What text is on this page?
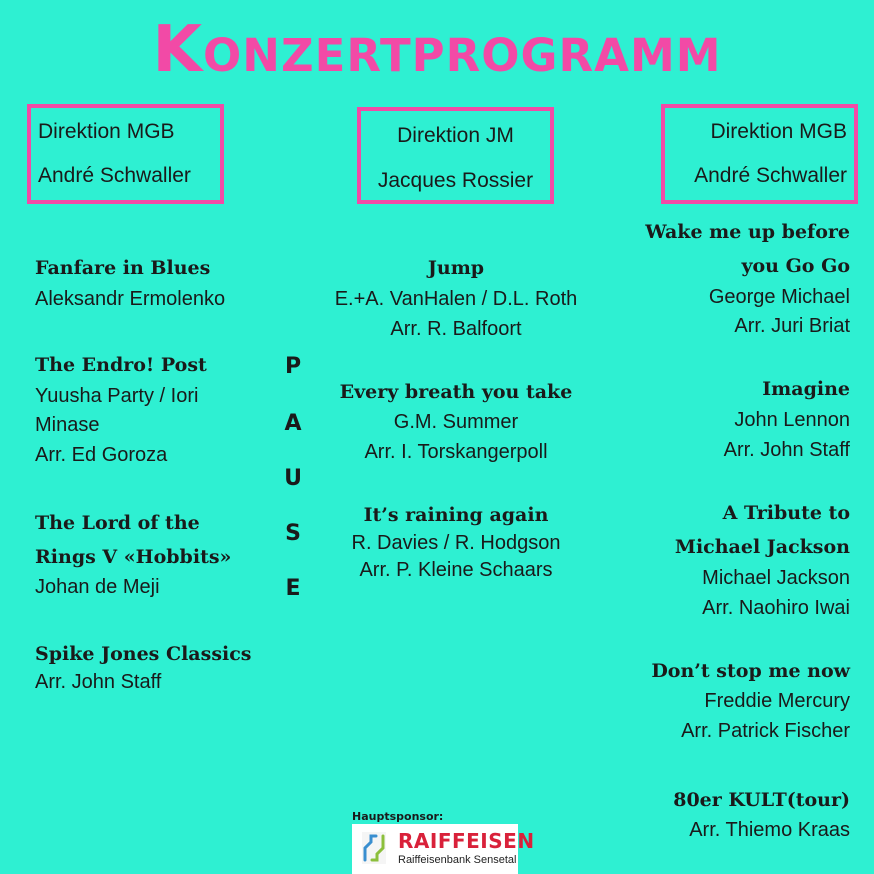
Konzertprogramm
Direktion MGB
André Schwaller
Direktion JM
Jacques Rossier
Direktion MGB
André Schwaller
Fanfare in Blues
Aleksandr Ermolenko
The Endro! Post
Yuusha Party / Iori
Minase
Arr. Ed Goroza
The Lord of the
Rings V «Hobbits»
Johan de Meji
Spike Jones Classics
Arr. John Staff
P
A
U
S
E
Jump
E.+A. VanHalen / D.L. Roth
Arr. R. Balfoort
Every breath you take
G.M. Summer
Arr. I. Torskangerpoll
It’s raining again
R. Davies / R. Hodgson
Arr. P. Kleine Schaars
Wake me up before
you Go Go
George Michael
Arr. Juri Briat
Imagine
John Lennon
Arr. John Staff
A Tribute to
Michael Jackson
Michael Jackson
Arr. Naohiro Iwai
Don’t stop me now
Freddie Mercury
Arr. Patrick Fischer
80er KULT(tour)
Arr. Thiemo Kraas
Hauptsponsor:
RAIFFEISEN
Raiffeisenbank Sensetal
